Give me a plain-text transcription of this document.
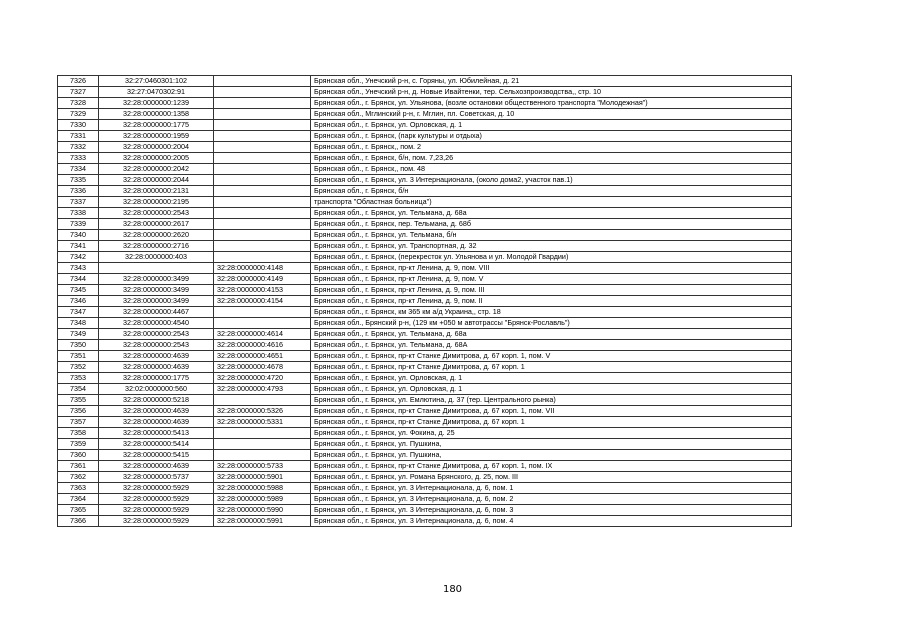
7326	32:27:0460301:102		Брянская обл., Унечский р-н, с. Горяны, ул. Юбилейная, д. 21
7327	32:27:0470302:91		Брянская обл., Унечский р-н, д. Новые Ивайтенки, тер. Сельхозпроизводства,, стр. 10
7328	32:28:0000000:1239		Брянская обл., г. Брянск, ул. Ульянова, (возле остановки общественного транспорта "Молодежная")
7329	32:28:0000000:1358		Брянская обл., Мглинский р-н, г. Мглин, пл. Советская, д. 10
7330	32:28:0000000:1775		Брянская обл., г. Брянск, ул. Орловская, д. 1
7331	32:28:0000000:1959		Брянская обл., г. Брянск, (парк культуры и отдыха)
7332	32:28:0000000:2004		Брянская обл., г. Брянск,, пом. 2
7333	32:28:0000000:2005		Брянская обл., г. Брянск, б/н, пом. 7,23,26
7334	32:28:0000000:2042		Брянская обл., г. Брянск,, пом. 48
7335	32:28:0000000:2044		Брянская обл., г. Брянск, ул. 3 Интернационала, (около дома2, участок пав.1)
7336	32:28:0000000:2131		Брянская обл., г. Брянск, б/н
7337	32:28:0000000:2195		транспорта "Областная больница")
7338	32:28:0000000:2543		Брянская обл., г. Брянск, ул. Тельмана, д. 68а
7339	32:28:0000000:2617		Брянская обл., г. Брянск, пер. Тельмана, д. 68б
7340	32:28:0000000:2620		Брянская обл., г. Брянск, ул. Тельмана, б/н
7341	32:28:0000000:2716		Брянская обл., г. Брянск, ул. Транспортная, д. 32
7342	32:28:0000000:403		Брянская обл., г. Брянск, (перекресток ул. Ульянова и ул. Молодой Гвардии)
7343		32:28:0000000:4148	Брянская обл., г. Брянск, пр-кт Ленина, д. 9, пом. VIII
7344	32:28:0000000:3499	32:28:0000000:4149	Брянская обл., г. Брянск, пр-кт Ленина, д. 9, пом. V
7345	32:28:0000000:3499	32:28:0000000:4153	Брянская обл., г. Брянск, пр-кт Ленина, д. 9, пом. III
7346	32:28:0000000:3499	32:28:0000000:4154	Брянская обл., г. Брянск, пр-кт Ленина, д. 9, пом. II
7347	32:28:0000000:4467		Брянская обл., г. Брянск, км 365 км а/д Украина,, стр. 18
7348	32:28:0000000:4540		Брянская обл., Брянский р-н, (129 км +050 м автотрассы "Брянск-Рославль")
7349	32:28:0000000:2543	32:28:0000000:4614	Брянская обл., г. Брянск, ул. Тельмана, д. 68а
7350	32:28:0000000:2543	32:28:0000000:4616	Брянская обл., г. Брянск, ул. Тельмана, д. 68А
7351	32:28:0000000:4639	32:28:0000000:4651	Брянская обл., г. Брянск, пр-кт Станке Димитрова, д. 67 корп. 1, пом. V
7352	32:28:0000000:4639	32:28:0000000:4678	Брянская обл., г. Брянск, пр-кт Станке Димитрова, д. 67 корп. 1
7353	32:28:0000000:1775	32:28:0000000:4720	Брянская обл., г. Брянск, ул. Орловская, д. 1
7354	32:02:0000000:560	32:28:0000000:4793	Брянская обл., г. Брянск, ул. Орловская, д. 1
7355	32:28:0000000:5218		Брянская обл., г. Брянск, ул. Емлютина, д. 37 (тер. Центрального рынка)
7356	32:28:0000000:4639	32:28:0000000:5326	Брянская обл., г. Брянск, пр-кт Станке Димитрова, д. 67 корп. 1, пом. VII
7357	32:28:0000000:4639	32:28:0000000:5331	Брянская обл., г. Брянск, пр-кт Станке Димитрова, д. 67 корп. 1
7358	32:28:0000000:5413		Брянская обл., г. Брянск, ул. Фокина, д. 25
7359	32:28:0000000:5414		Брянская обл., г. Брянск, ул. Пушкина,
7360	32:28:0000000:5415		Брянская обл., г. Брянск, ул. Пушкина,
7361	32:28:0000000:4639	32:28:0000000:5733	Брянская обл., г. Брянск, пр-кт Станке Димитрова, д. 67 корп. 1, пом. IX
7362	32:28:0000000:5737	32:28:0000000:5901	Брянская обл., г. Брянск, ул. Романа Брянского, д. 25, пом. III
7363	32:28:0000000:5929	32:28:0000000:5988	Брянская обл., г. Брянск, ул. 3 Интернационала, д. 6, пом. 1
7364	32:28:0000000:5929	32:28:0000000:5989	Брянская обл., г. Брянск, ул. 3 Интернационала, д. 6, пом. 2
7365	32:28:0000000:5929	32:28:0000000:5990	Брянская обл., г. Брянск, ул. 3 Интернационала, д. 6, пом. 3
7366	32:28:0000000:5929	32:28:0000000:5991	Брянская обл., г. Брянск, ул. 3 Интернационала, д. 6, пом. 4
180
